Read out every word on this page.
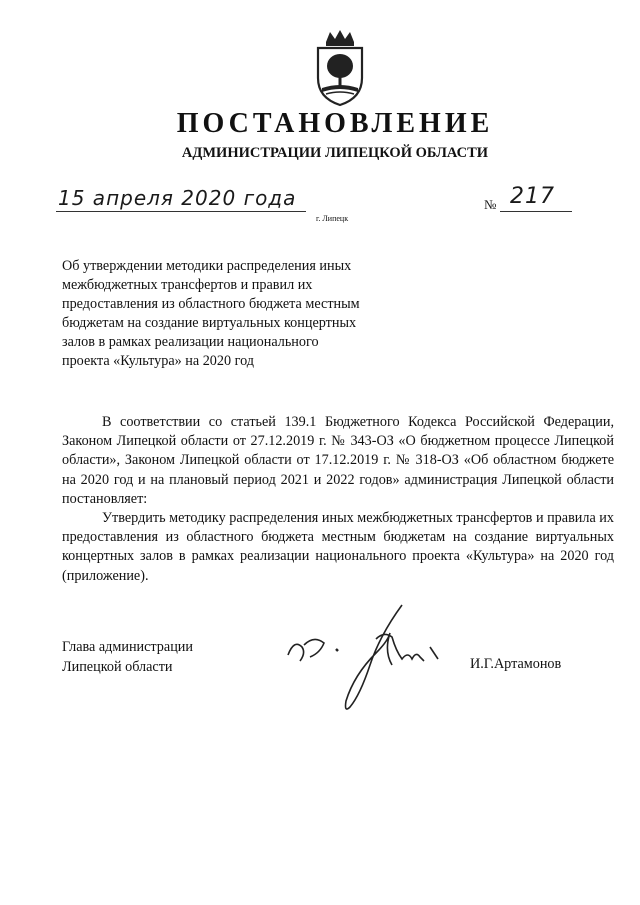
ПОСТАНОВЛЕНИЕ
АДМИНИСТРАЦИИ ЛИПЕЦКОЙ ОБЛАСТИ
15 апреля 2020 года
г. Липецк
№ 217
Об утверждении методики распределения иных
межбюджетных трансфертов и правил их
предоставления из областного бюджета местным
бюджетам на создание виртуальных концертных
залов в рамках реализации национального
проекта «Культура» на 2020 год

В соответствии со статьей 139.1 Бюджетного Кодекса Российской Федерации, Законом Липецкой области от 27.12.2019 г. № 343-ОЗ «О бюджетном процессе Липецкой области», Законом Липецкой области от 17.12.2019 г. № 318-ОЗ «Об областном бюджете на 2020 год и на плановый период 2021 и 2022 годов» администрация Липецкой области постановляет:

Утвердить методику распределения иных межбюджетных трансфертов и правила их предоставления из областного бюджета местным бюджетам на создание виртуальных концертных залов в рамках реализации национального проекта «Культура» на 2020 год (приложение).

Глава администрации
Липецкой области	И.Г.Артамонов
